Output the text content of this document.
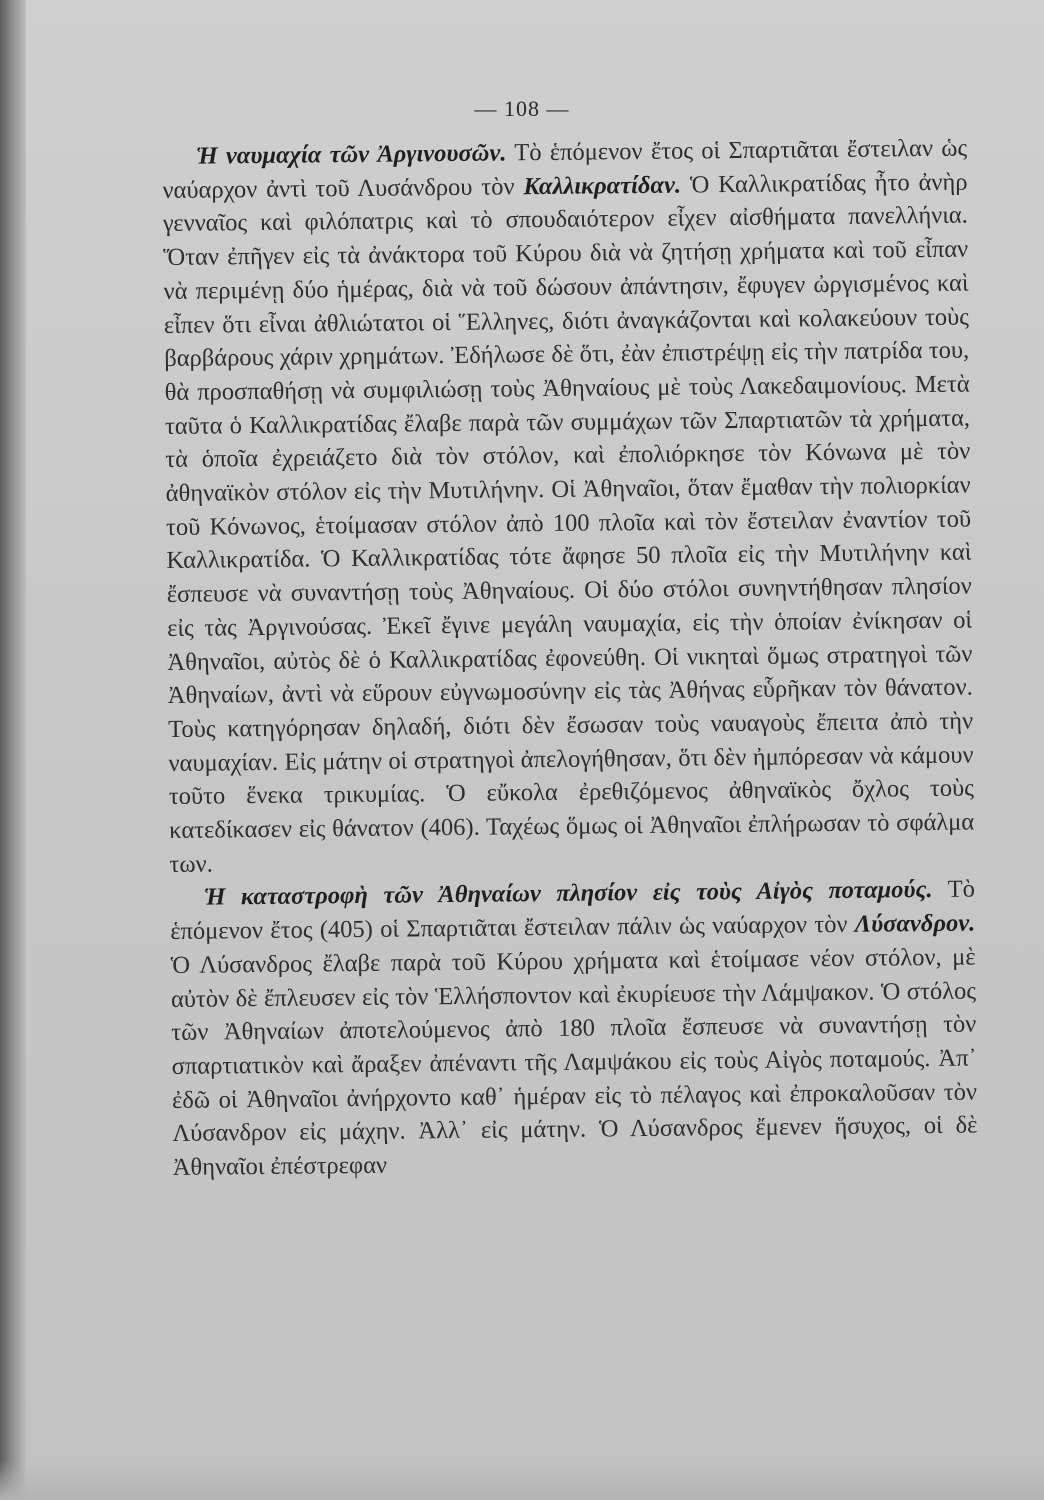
— 108 —

Ἡ ναυμαχία τῶν Ἀργινουσῶν. Τὸ ἑπόμενον ἔτος οἱ Σπαρτιᾶται ἔστειλαν ὡς ναύαρχον ἀντὶ τοῦ Λυσάνδρου τὸν Καλλικρατίδαν. Ὁ Καλλικρατίδας ἦτο ἀνὴρ γενναῖος καὶ φιλόπατρις καὶ τὸ σπουδαιότερον εἶχεν αἰσθήματα πανελλήνια. Ὅταν ἐπῆγεν εἰς τὰ ἀνάκτορα τοῦ Κύρου διὰ νὰ ζητήσῃ χρήματα καὶ τοῦ εἶπαν νὰ περιμένῃ δύο ἡμέρας, διὰ νὰ τοῦ δώσουν ἀπάντησιν, ἔφυγεν ὠργισμένος καὶ εἶπεν ὅτι εἶναι ἀθλιώτατοι οἱ Ἕλληνες, διότι ἀναγκάζονται καὶ κολακεύουν τοὺς βαρβάρους χάριν χρημάτων. Ἐδήλωσε δὲ ὅτι, ἐὰν ἐπιστρέψῃ εἰς τὴν πατρίδα του, θὰ προσπαθήσῃ νὰ συμφιλιώσῃ τοὺς Ἀθηναίους μὲ τοὺς Λακεδαιμονίους. Μετὰ ταῦτα ὁ Καλλικρατίδας ἔλαβε παρὰ τῶν συμμάχων τῶν Σπαρτιατῶν τὰ χρήματα, τὰ ὁποῖα ἐχρειάζετο διὰ τὸν στόλον, καὶ ἐπολιόρκησε τὸν Κόνωνα μὲ τὸν ἀθηναϊκὸν στόλον εἰς τὴν Μυτιλήνην. Οἱ Ἀθηναῖοι, ὅταν ἔμαθαν τὴν πολιορκίαν τοῦ Κόνωνος, ἑτοίμασαν στόλον ἀπὸ 100 πλοῖα καὶ τὸν ἔστειλαν ἐναντίον τοῦ Καλλικρατίδα. Ὁ Καλλικρατίδας τότε ἄφησε 50 πλοῖα εἰς τὴν Μυτιλήνην καὶ ἔσπευσε νὰ συναντήσῃ τοὺς Ἀθηναίους. Οἱ δύο στόλοι συνηντήθησαν πλησίον εἰς τὰς Ἀργινούσας. Ἐκεῖ ἔγινε μεγάλη ναυμαχία, εἰς τὴν ὁποίαν ἐνίκησαν οἱ Ἀθηναῖοι, αὐτὸς δὲ ὁ Καλλικρατίδας ἐφονεύθη. Οἱ νικηταὶ ὅμως στρατηγοὶ τῶν Ἀθηναίων, ἀντὶ νὰ εὕρουν εὐγνωμοσύνην εἰς τὰς Ἀθήνας εὗρῆκαν τὸν θάνατον. Τοὺς κατηγόρησαν δηλαδή, διότι δὲν ἔσωσαν τοὺς ναυαγοὺς ἔπειτα ἀπὸ τὴν ναυμαχίαν. Εἰς μάτην οἱ στρατηγοὶ ἀπελογήθησαν, ὅτι δὲν ἠμπόρεσαν νὰ κάμουν τοῦτο ἕνεκα τρικυμίας. Ὁ εὔκολα ἐρεθιζόμενος ἀθηναϊκὸς ὄχλος τοὺς κατεδίκασεν εἰς θάνατον (406). Ταχέως ὅμως οἱ Ἀθηναῖοι ἐπλήρωσαν τὸ σφάλμα των.

Ἡ καταστροφὴ τῶν Ἀθηναίων πλησίον εἰς τοὺς Αἰγὸς ποταμούς. Τὸ ἑπόμενον ἔτος (405) οἱ Σπαρτιᾶται ἔστειλαν πάλιν ὡς ναύαρχον τὸν Λύσανδρον. Ὁ Λύσανδρος ἔλαβε παρὰ τοῦ Κύρου χρήματα καὶ ἑτοίμασε νέον στόλον, μὲ αὐτὸν δὲ ἔπλευσεν εἰς τὸν Ἑλλήσποντον καὶ ἐκυρίευσε τὴν Λάμψακον. Ὁ στόλος τῶν Ἀθηναίων ἀποτελούμενος ἀπὸ 180 πλοῖα ἔσπευσε νὰ συναντήσῃ τὸν σπαρτιατικὸν καὶ ἄραξεν ἀπέναντι τῆς Λαμψάκου εἰς τοὺς Αἰγὸς ποταμούς. Ἀπ᾽ ἐδῶ οἱ Ἀθηναῖοι ἀνήρχοντο καθ᾽ ἡμέραν εἰς τὸ πέλαγος καὶ ἐπροκαλοῦσαν τὸν Λύσανδρον εἰς μάχην. Ἀλλ᾽ εἰς μάτην. Ὁ Λύσανδρος ἔμενεν ἥσυχος, οἱ δὲ Ἀθηναῖοι ἐπέστρεφαν
